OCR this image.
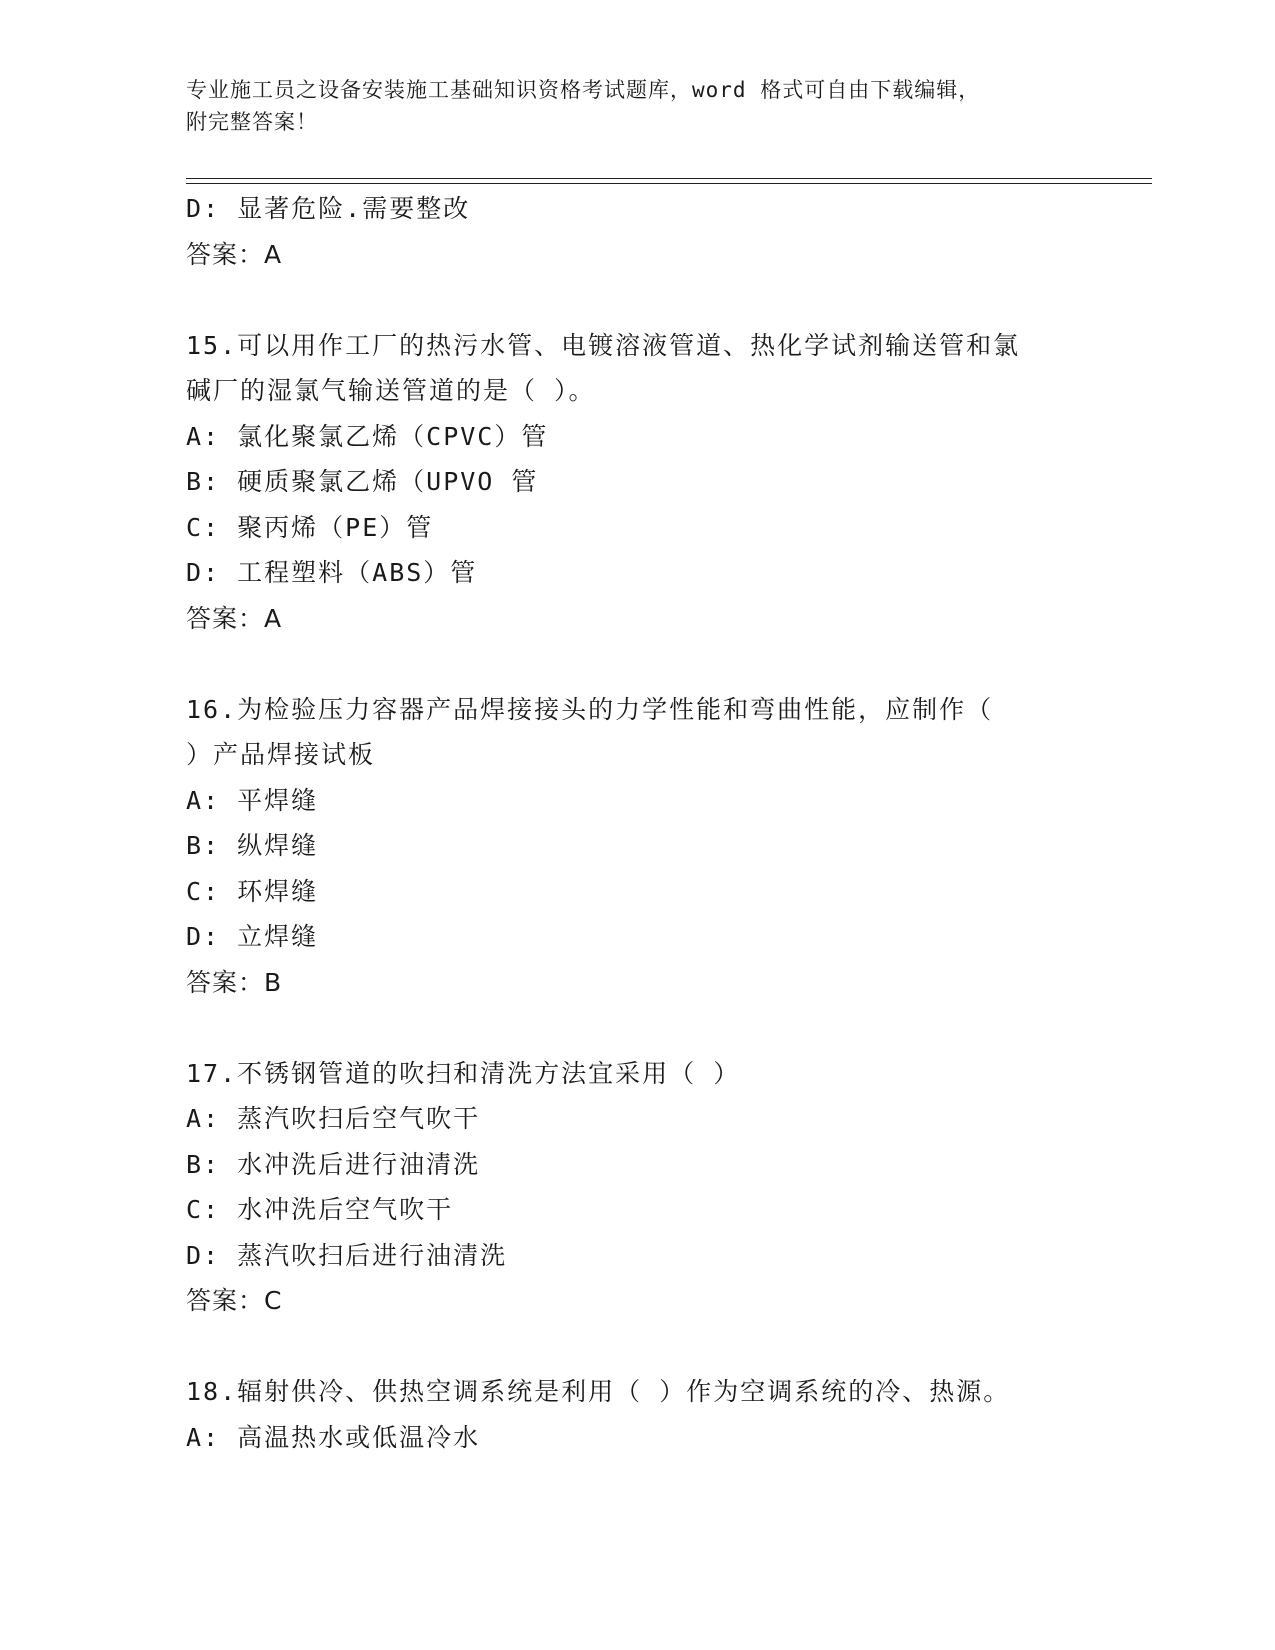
专业施工员之设备安装施工基础知识资格考试题库，word 格式可自由下载编辑，
附完整答案！
D: 显著危险.需要整改
答案：A
15.可以用作工厂的热污水管、电镀溶液管道、热化学试剂输送管和氯
碱厂的湿氯气输送管道的是（ ）。
A: 氯化聚氯乙烯（CPVC）管
B: 硬质聚氯乙烯（UPVO 管
C: 聚丙烯（PE）管
D: 工程塑料（ABS）管
答案：A
16.为检验压力容器产品焊接接头的力学性能和弯曲性能，应制作（
）产品焊接试板
A: 平焊缝
B: 纵焊缝
C: 环焊缝
D: 立焊缝
答案：B
17.不锈钢管道的吹扫和清洗方法宜采用（ ）
A: 蒸汽吹扫后空气吹干
B: 水冲洗后进行油清洗
C: 水冲洗后空气吹干
D: 蒸汽吹扫后进行油清洗
答案：C
18.辐射供冷、供热空调系统是利用（ ）作为空调系统的冷、热源。
A: 高温热水或低温冷水
